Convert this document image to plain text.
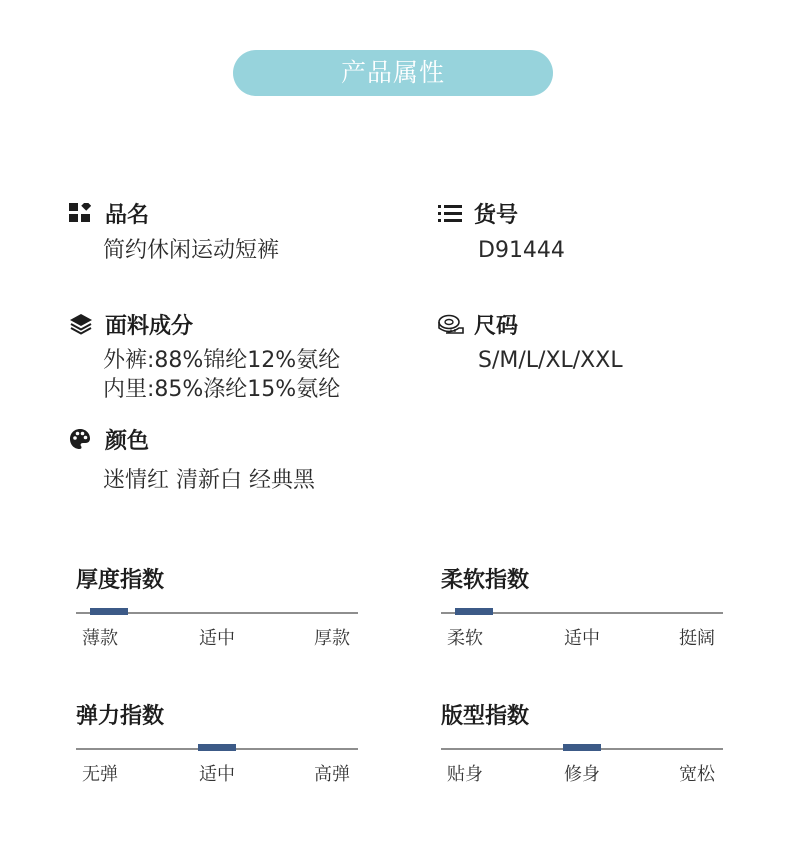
产品属性
品名
简约休闲运动短裤
货号
D91444
面料成分
外裤:88%锦纶12%氨纶
内里:85%涤纶15%氨纶
尺码
S/M/L/XL/XXL
颜色
迷情红 清新白 经典黑
厚度指数
薄款	适中	厚款
柔软指数
柔软	适中	挺阔
弹力指数
无弹	适中	高弹
版型指数
贴身	修身	宽松
